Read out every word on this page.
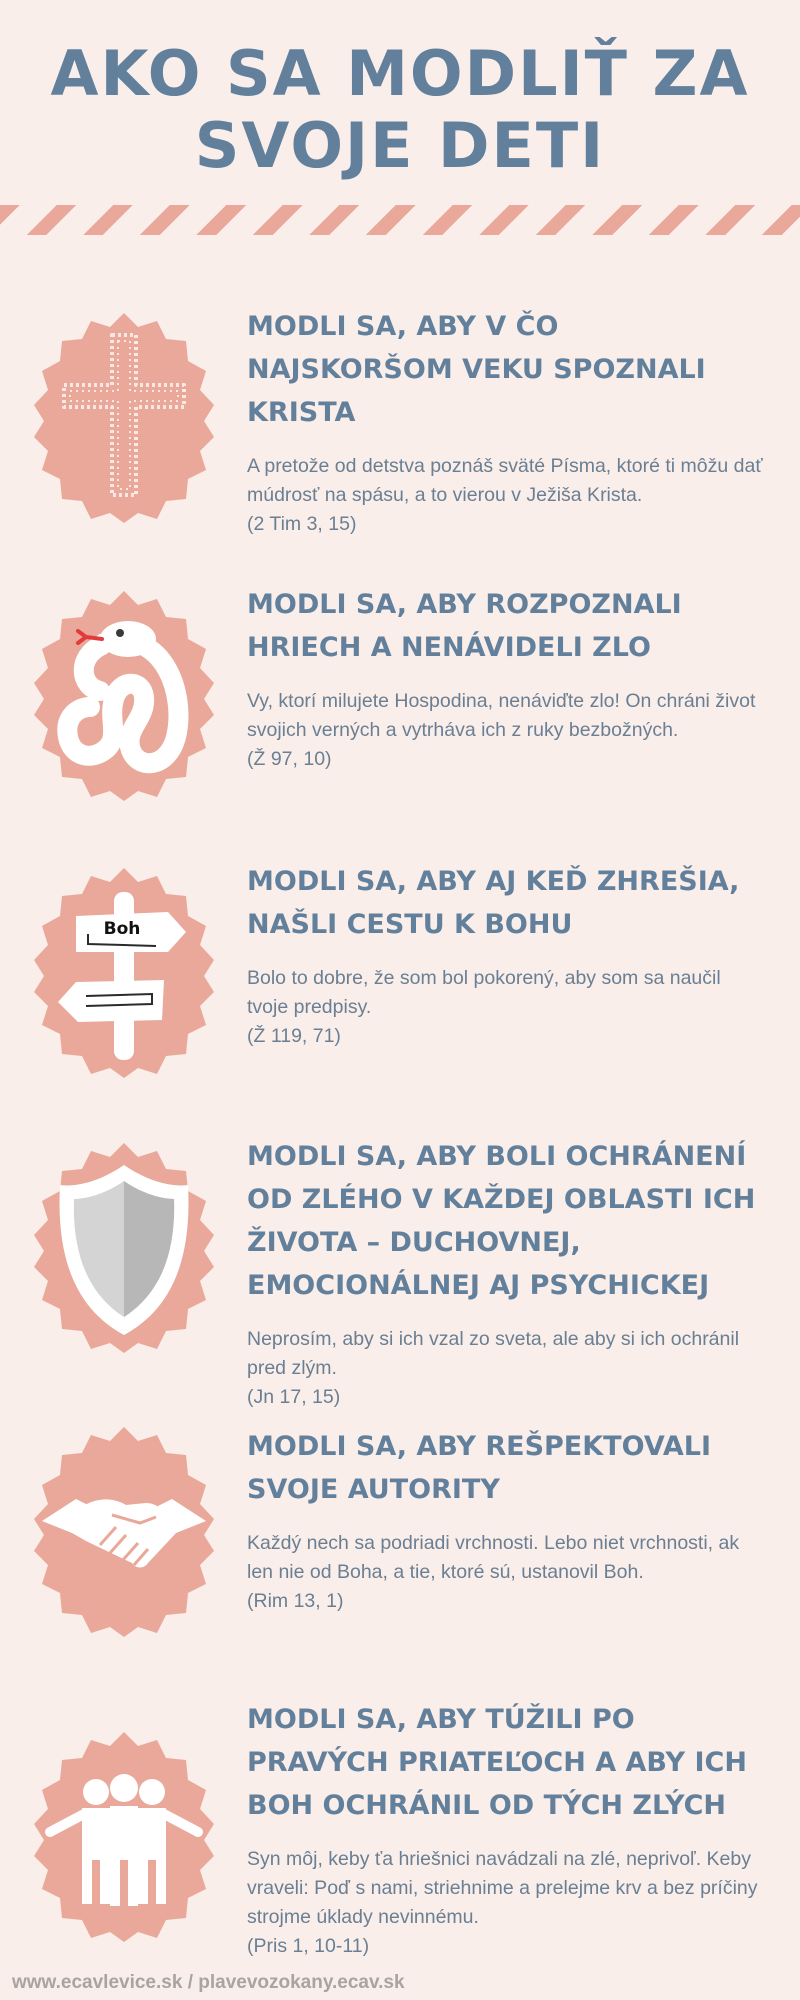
AKO SA MODLIŤ ZA
SVOJE DETI
MODLI SA, ABY V ČO NAJSKORŠOM VEKU SPOZNALI KRISTA
A pretože od detstva poznáš sväté Písma, ktoré ti môžu dať múdrosť na spásu, a to vierou v Ježiša Krista.
(2 Tim 3, 15)
MODLI SA, ABY ROZPOZNALI HRIECH A NENÁVIDELI ZLO
Vy, ktorí milujete Hospodina, nenáviďte zlo! On chráni život svojich verných a vytrháva ich z ruky bezbožných.
(Ž 97, 10)
Boh
MODLI SA, ABY AJ KEĎ ZHREŠIA, NAŠLI CESTU K BOHU
Bolo to dobre, že som bol pokorený, aby som sa naučil tvoje predpisy.
(Ž 119, 71)
MODLI SA, ABY BOLI OCHRÁNENÍ OD ZLÉHO V KAŽDEJ OBLASTI ICH ŽIVOTA – DUCHOVNEJ, EMOCIONÁLNEJ AJ PSYCHICKEJ
Neprosím, aby si ich vzal zo sveta, ale aby si ich ochránil pred zlým.
(Jn 17, 15)
MODLI SA, ABY REŠPEKTOVALI SVOJE AUTORITY
Každý nech sa podriadi vrchnosti. Lebo niet vrchnosti, ak len nie od Boha, a tie, ktoré sú, ustanovil Boh.
(Rim 13, 1)
MODLI SA, ABY TÚŽILI PO PRAVÝCH PRIATEĽOCH A ABY ICH BOH OCHRÁNIL OD TÝCH ZLÝCH
Syn môj, keby ťa hriešnici navádzali na zlé, neprivoľ. Keby vraveli: Poď s nami, striehnime a prelejme krv a bez príčiny strojme úklady nevinnému.
(Pris 1, 10-11)
www.ecavlevice.sk / plavevozokany.ecav.sk
